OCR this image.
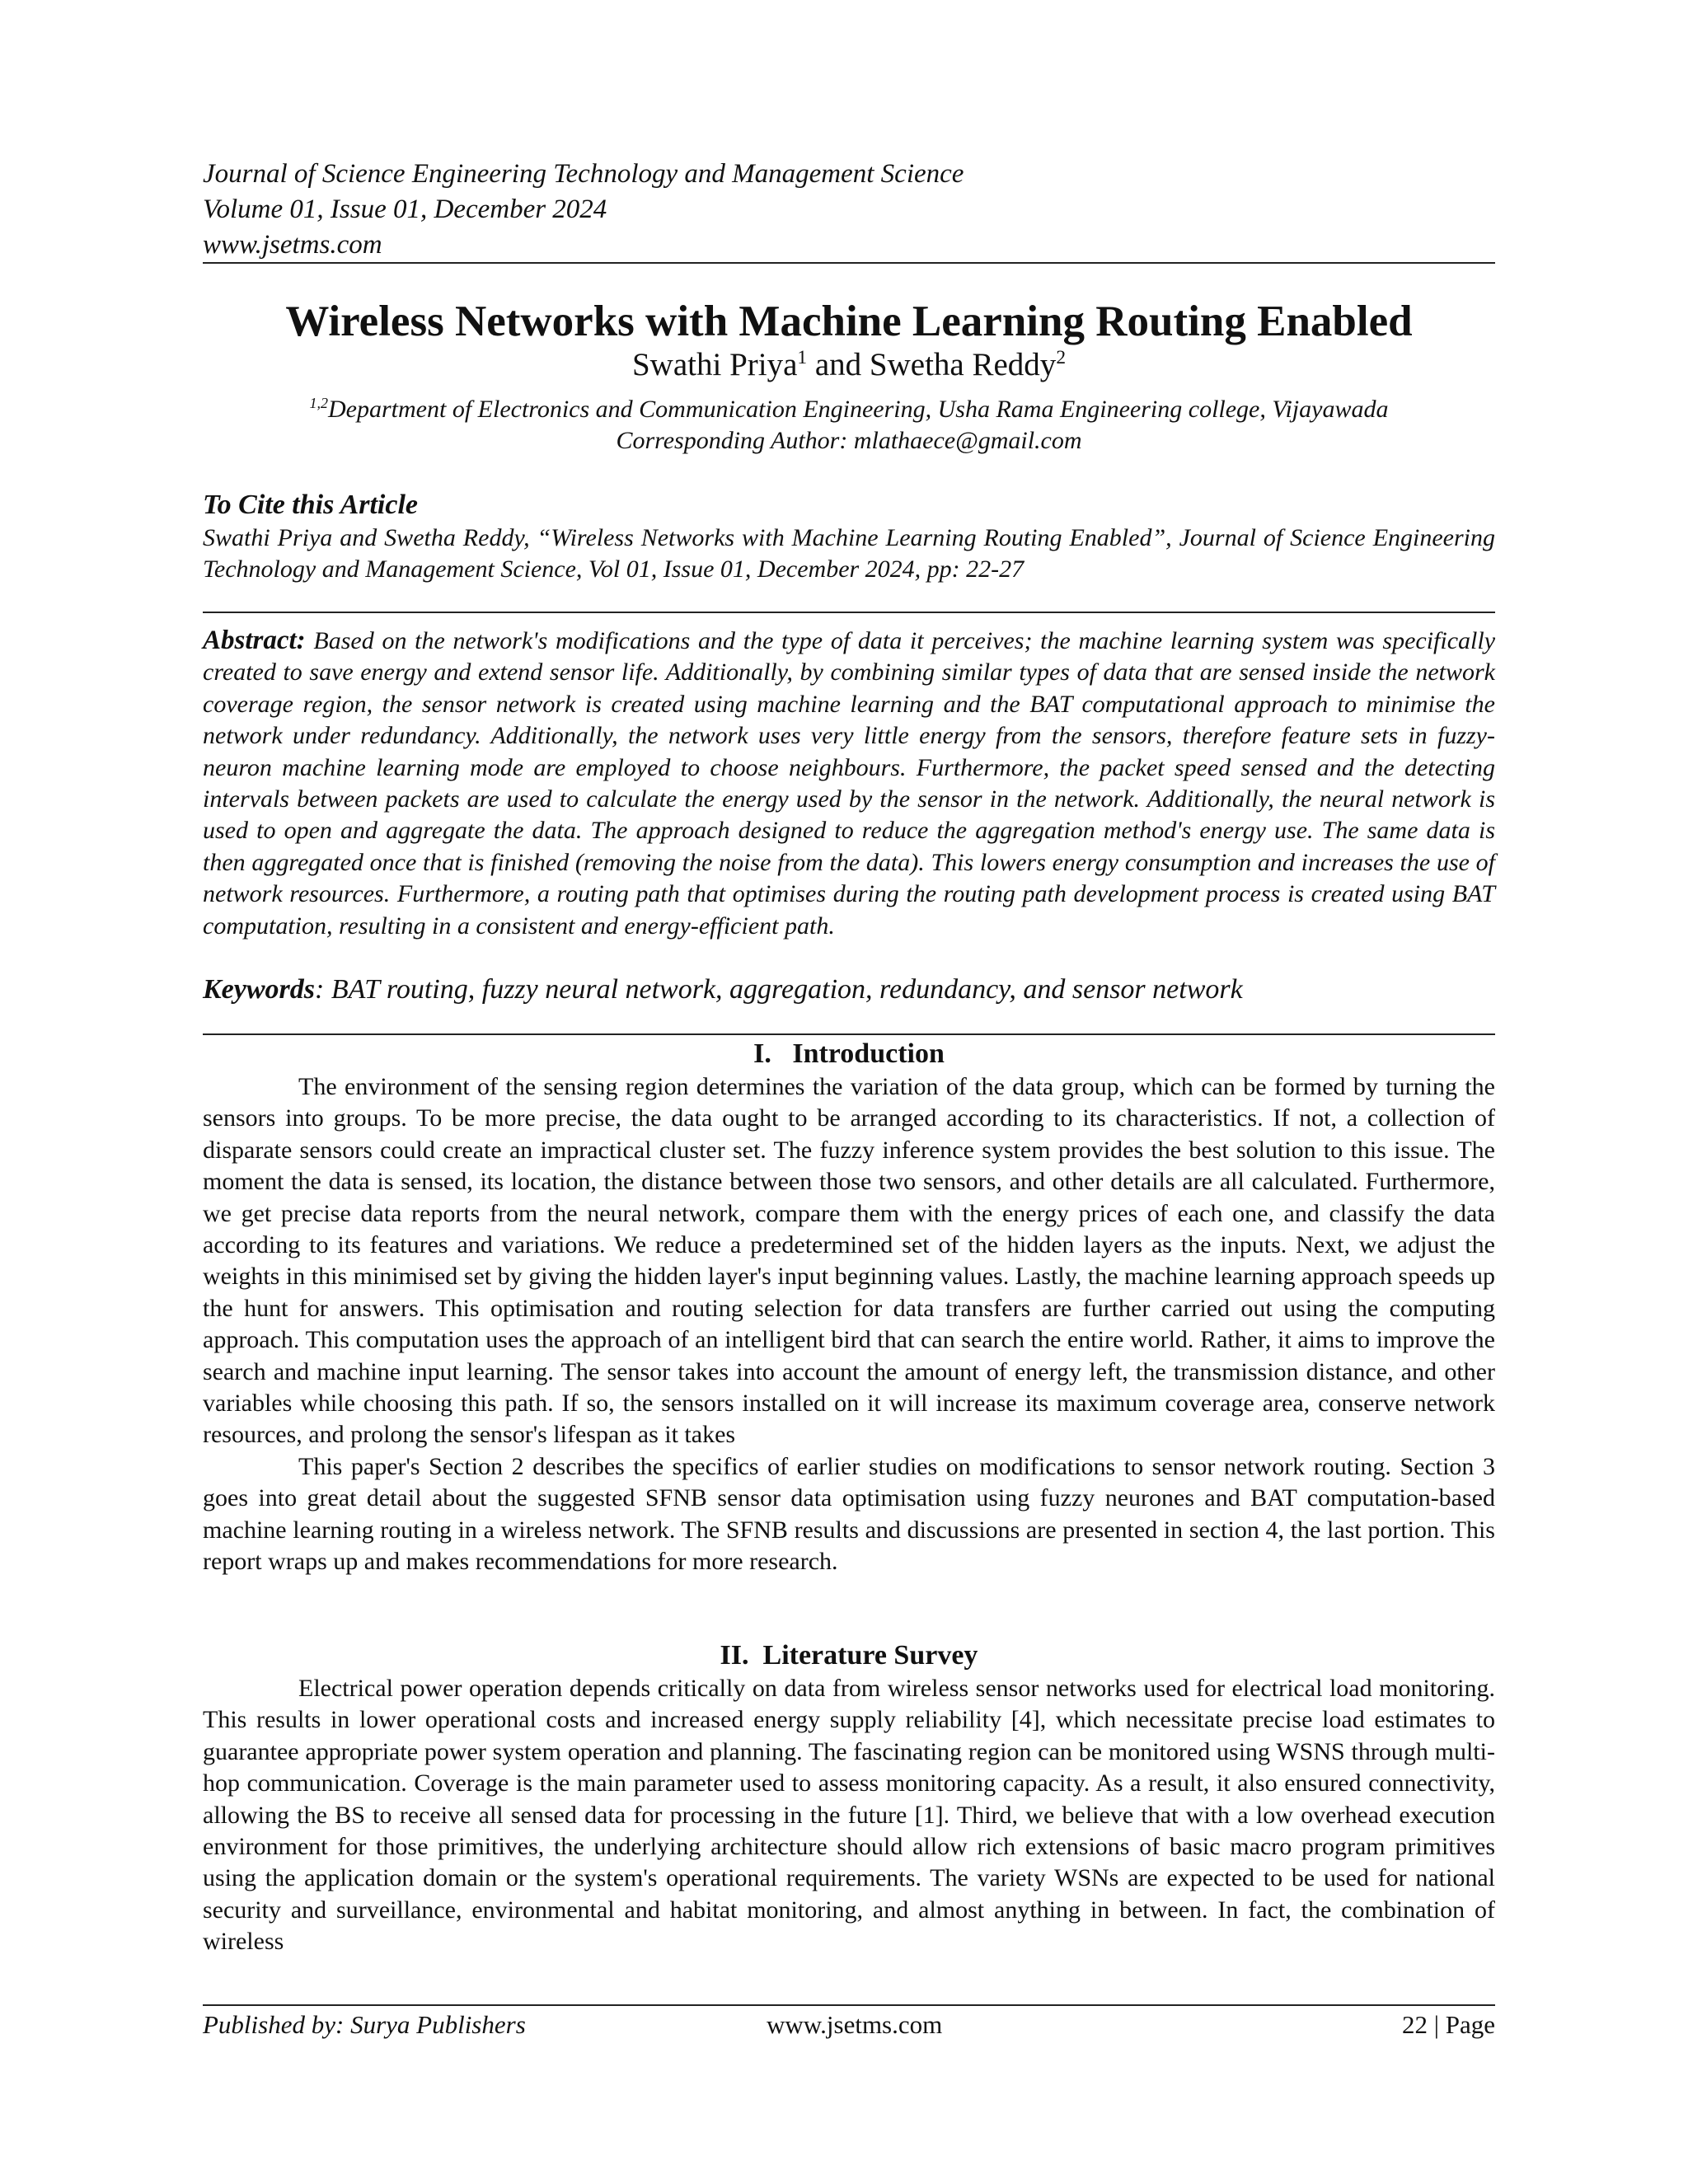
Journal of Science Engineering Technology and Management Science
Volume 01, Issue 01, December 2024
www.jsetms.com
Wireless Networks with Machine Learning Routing Enabled
Swathi Priya$^1$ and Swetha Reddy$^2$
$^{1,2}$Department of Electronics and Communication Engineering, Usha Rama Engineering college, Vijayawada
Corresponding Author: mlathaece@gmail.com
To Cite this Article
Swathi Priya and Swetha Reddy, “Wireless Networks with Machine Learning Routing Enabled”, Journal of Science Engineering Technology and Management Science, Vol 01, Issue 01, December 2024, pp: 22-27
Abstract: Based on the network's modifications and the type of data it perceives; the machine learning system was specifically created to save energy and extend sensor life. Additionally, by combining similar types of data that are sensed inside the network coverage region, the sensor network is created using machine learning and the BAT computational approach to minimise the network under redundancy. Additionally, the network uses very little energy from the sensors, therefore feature sets in fuzzy-neuron machine learning mode are employed to choose neighbours. Furthermore, the packet speed sensed and the detecting intervals between packets are used to calculate the energy used by the sensor in the network. Additionally, the neural network is used to open and aggregate the data. The approach designed to reduce the aggregation method's energy use. The same data is then aggregated once that is finished (removing the noise from the data). This lowers energy consumption and increases the use of network resources. Furthermore, a routing path that optimises during the routing path development process is created using BAT computation, resulting in a consistent and energy-efficient path.
Keywords: BAT routing, fuzzy neural network, aggregation, redundancy, and sensor network
I.   Introduction

The environment of the sensing region determines the variation of the data group, which can be formed by turning the sensors into groups. To be more precise, the data ought to be arranged according to its characteristics. If not, a collection of disparate sensors could create an impractical cluster set. The fuzzy inference system provides the best solution to this issue. The moment the data is sensed, its location, the distance between those two sensors, and other details are all calculated. Furthermore, we get precise data reports from the neural network, compare them with the energy prices of each one, and classify the data according to its features and variations. We reduce a predetermined set of the hidden layers as the inputs. Next, we adjust the weights in this minimised set by giving the hidden layer's input beginning values. Lastly, the machine learning approach speeds up the hunt for answers. This optimisation and routing selection for data transfers are further carried out using the computing approach. This computation uses the approach of an intelligent bird that can search the entire world. Rather, it aims to improve the search and machine input learning. The sensor takes into account the amount of energy left, the transmission distance, and other variables while choosing this path. If so, the sensors installed on it will increase its maximum coverage area, conserve network resources, and prolong the sensor's lifespan as it takes

This paper's Section 2 describes the specifics of earlier studies on modifications to sensor network routing. Section 3 goes into great detail about the suggested SFNB sensor data optimisation using fuzzy neurones and BAT computation-based machine learning routing in a wireless network. The SFNB results and discussions are presented in section 4, the last portion. This report wraps up and makes recommendations for more research.

II.  Literature Survey

Electrical power operation depends critically on data from wireless sensor networks used for electrical load monitoring. This results in lower operational costs and increased energy supply reliability [4], which necessitate precise load estimates to guarantee appropriate power system operation and planning. The fascinating region can be monitored using WSNS through multi-hop communication. Coverage is the main parameter used to assess monitoring capacity. As a result, it also ensured connectivity, allowing the BS to receive all sensed data for processing in the future [1]. Third, we believe that with a low overhead execution environment for those primitives, the underlying architecture should allow rich extensions of basic macro program primitives using the application domain or the system's operational requirements. The variety WSNs are expected to be used for national security and surveillance, environmental and habitat monitoring, and almost anything in between. In fact, the combination of wireless

Published by: Surya Publishers	www.jsetms.com	22 | Page
